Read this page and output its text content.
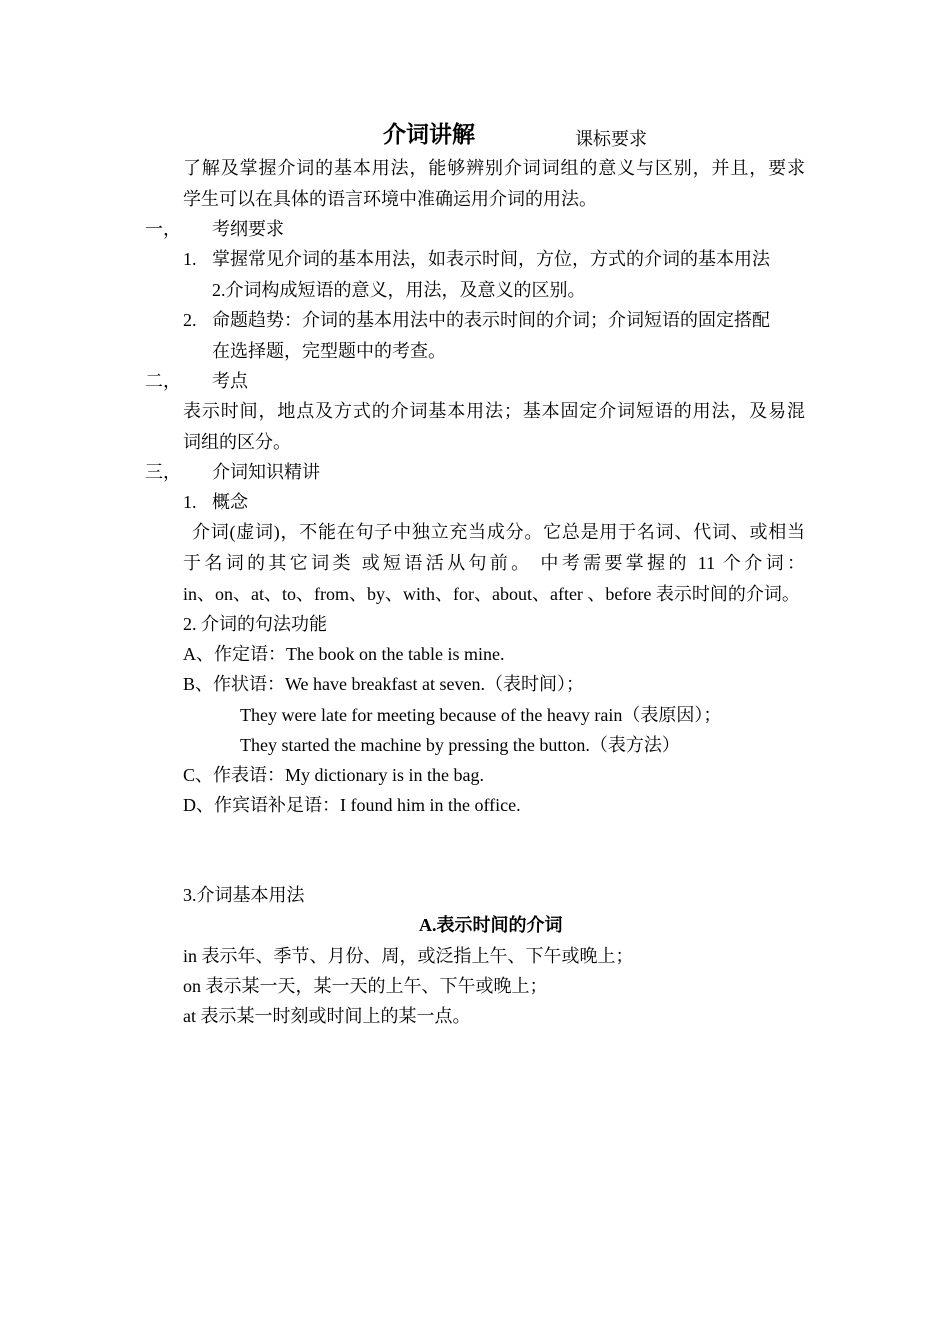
介词讲解	课标要求
了解及掌握介词的基本用法，能够辨别介词词组的意义与区别，并且，要求
学生可以在具体的语言环境中准确运用介词的用法。
一， 考纲要求
1. 掌握常见介词的基本用法，如表示时间，方位，方式的介词的基本用法
2.介词构成短语的意义，用法，及意义的区别。
2. 命题趋势：介词的基本用法中的表示时间的介词；介词短语的固定搭配
在选择题，完型题中的考查。
二， 考点
表示时间，地点及方式的介词基本用法；基本固定介词短语的用法，及易混
词组的区分。
三， 介词知识精讲
1. 概念
介词(虚词)，不能在句子中独立充当成分。它总是用于名词、代词、或相当
于名词的其它词类 或短语活从句前。 中考需要掌握的 11 个介词：
in、on、at、to、from、by、with、for、about、after 、before 表示时间的介词。
2. 介词的句法功能
A、作定语：The book on the table is mine.
B、作状语：We have breakfast at seven.（表时间）；
They were late for meeting because of the heavy rain（表原因）；
They started the machine by pressing the button.（表方法）
C、作表语：My dictionary is in the bag.
D、作宾语补足语：I found him in the office.
3.介词基本用法
A.表示时间的介词
in 表示年、季节、月份、周，或泛指上午、下午或晚上；
on 表示某一天，某一天的上午、下午或晚上；
at 表示某一时刻或时间上的某一点。
